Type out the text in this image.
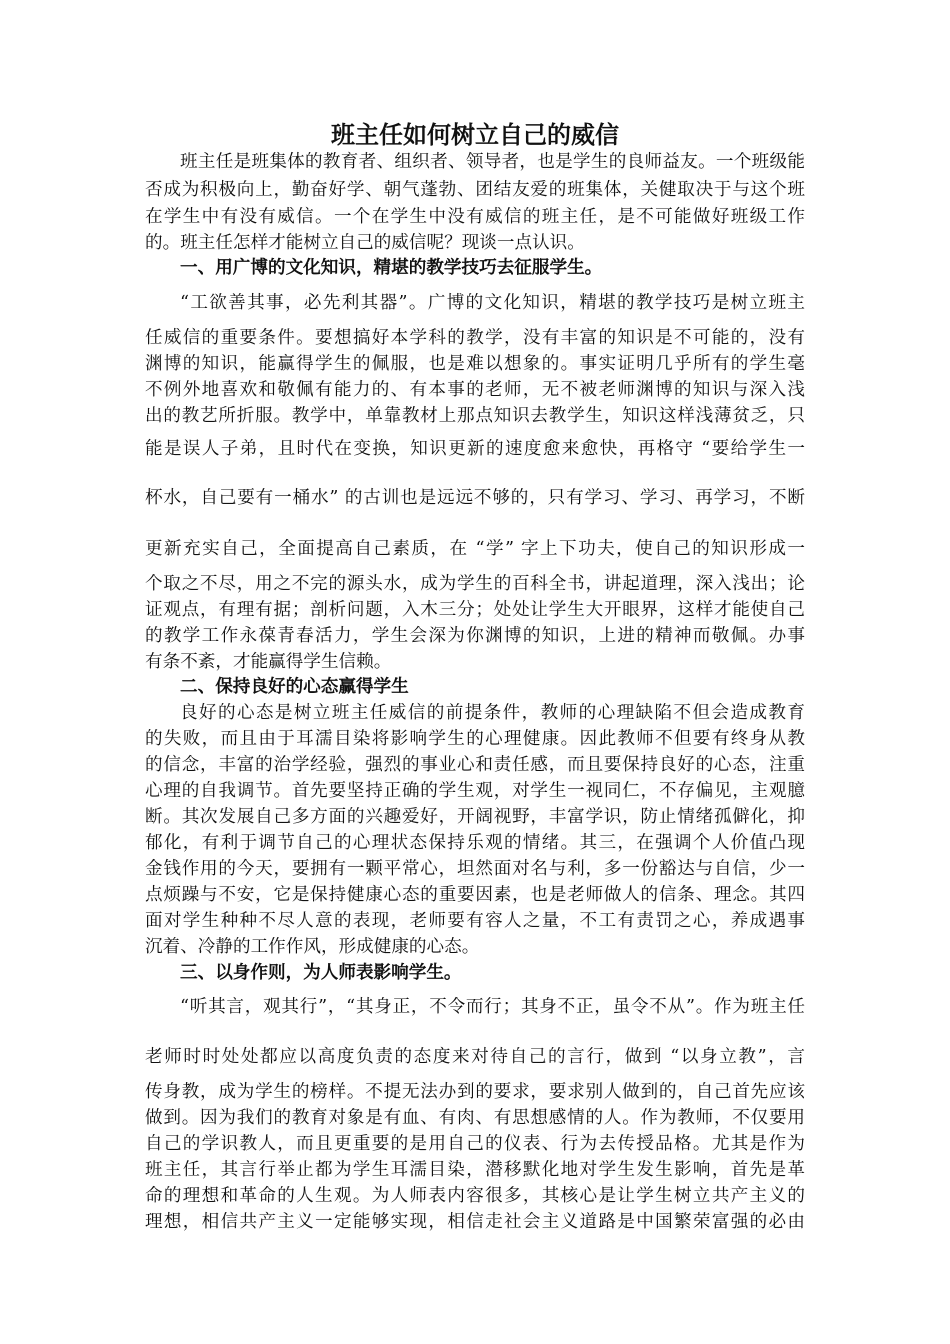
班主任如何树立自己的威信
班主任是班集体的教育者、组织者、领导者，也是学生的良师益友。一个班级能
否成为积极向上，勤奋好学、朝气蓬勃、团结友爱的班集体，关健取决于与这个班
在学生中有没有威信。一个在学生中没有威信的班主任，是不可能做好班级工作
的。班主任怎样才能树立自己的威信呢？现谈一点认识。
一、用广博的文化知识，精堪的教学技巧去征服学生。
“工欲善其事，必先利其器”。广博的文化知识，精堪的教学技巧是树立班主
任威信的重要条件。要想搞好本学科的教学，没有丰富的知识是不可能的，没有
渊博的知识，能赢得学生的佩服，也是难以想象的。事实证明几乎所有的学生毫
不例外地喜欢和敬佩有能力的、有本事的老师，无不被老师渊博的知识与深入浅
出的教艺所折服。教学中，单靠教材上那点知识去教学生，知识这样浅薄贫乏，只
能是误人子弟，且时代在变换，知识更新的速度愈来愈快，再格守 “要给学生一
杯水，自己要有一桶水” 的古训也是远远不够的，只有学习、学习、再学习，不断
更新充实自己，全面提高自己素质，在 “学” 字上下功夫，使自己的知识形成一
个取之不尽，用之不完的源头水，成为学生的百科全书，讲起道理，深入浅出；论
证观点，有理有据；剖析问题，入木三分；处处让学生大开眼界，这样才能使自己
的教学工作永葆青春活力，学生会深为你渊博的知识，上进的精神而敬佩。办事
有条不紊，才能赢得学生信赖。
二、保持良好的心态赢得学生
良好的心态是树立班主任威信的前提条件，教师的心理缺陷不但会造成教育
的失败，而且由于耳濡目染将影响学生的心理健康。因此教师不但要有终身从教
的信念，丰富的治学经验，强烈的事业心和责任感，而且要保持良好的心态，注重
心理的自我调节。首先要坚持正确的学生观，对学生一视同仁，不存偏见，主观臆
断。其次发展自己多方面的兴趣爱好，开阔视野，丰富学识，防止情绪孤僻化，抑
郁化，有利于调节自己的心理状态保持乐观的情绪。其三，在强调个人价值凸现
金钱作用的今天，要拥有一颗平常心，坦然面对名与利，多一份豁达与自信，少一
点烦躁与不安，它是保持健康心态的重要因素，也是老师做人的信条、理念。其四
面对学生种种不尽人意的表现，老师要有容人之量，不工有责罚之心，养成遇事
沉着、冷静的工作作风，形成健康的心态。
三、以身作则，为人师表影响学生。
“听其言，观其行”，“其身正，不令而行；其身不正，虽令不从”。作为班主任
老师时时处处都应以高度负责的态度来对待自己的言行，做到 “以身立教”，言
传身教，成为学生的榜样。不提无法办到的要求，要求别人做到的，自己首先应该
做到。因为我们的教育对象是有血、有肉、有思想感情的人。作为教师，不仅要用
自己的学识教人，而且更重要的是用自己的仪表、行为去传授品格。尤其是作为
班主任，其言行举止都为学生耳濡目染，潜移默化地对学生发生影响，首先是革
命的理想和革命的人生观。为人师表内容很多，其核心是让学生树立共产主义的
理想，相信共产主义一定能够实现，相信走社会主义道路是中国繁荣富强的必由
